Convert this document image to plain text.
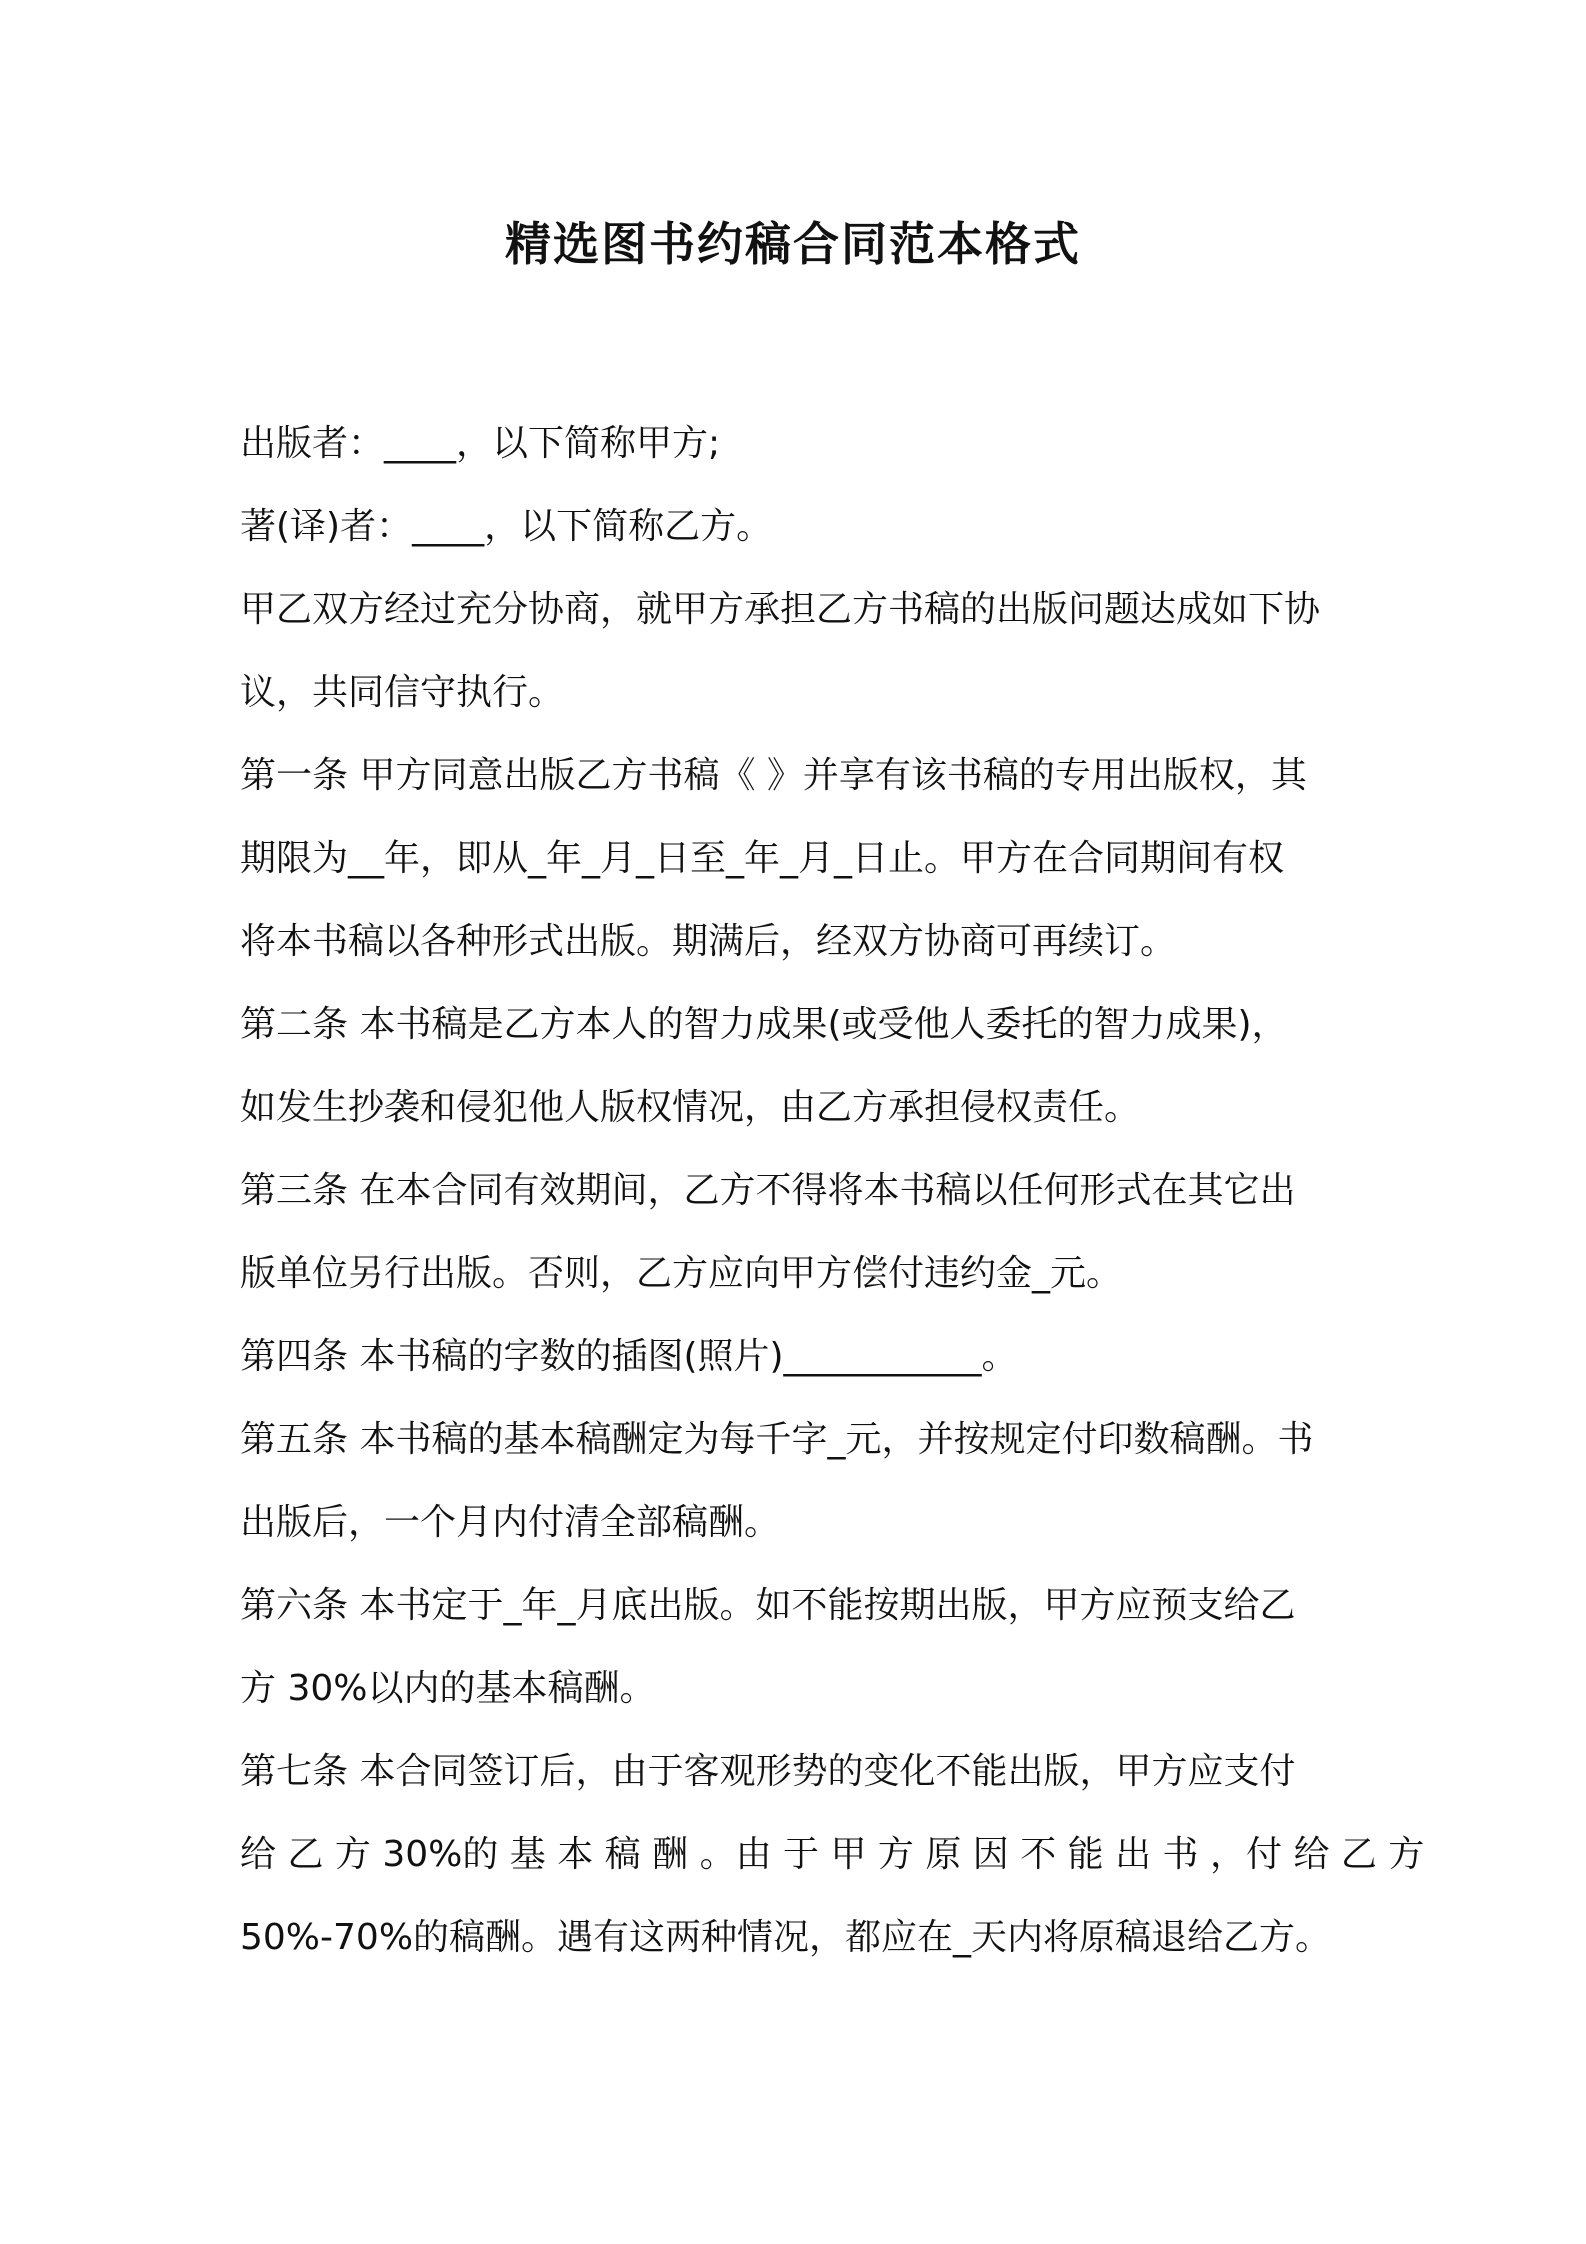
精选图书约稿合同范本格式

出版者：____，以下简称甲方;

著(译)者：____，以下简称乙方。

甲乙双方经过充分协商，就甲方承担乙方书稿的出版问题达成如下协

议，共同信守执行。

第一条 甲方同意出版乙方书稿《 》并享有该书稿的专用出版权，其

期限为__年，即从_年_月_日至_年_月_日止。甲方在合同期间有权

将本书稿以各种形式出版。期满后，经双方协商可再续订。

第二条 本书稿是乙方本人的智力成果(或受他人委托的智力成果)，

如发生抄袭和侵犯他人版权情况，由乙方承担侵权责任。

第三条 在本合同有效期间，乙方不得将本书稿以任何形式在其它出

版单位另行出版。否则，乙方应向甲方偿付违约金_元。

第四条 本书稿的字数的插图(照片)___________。

第五条 本书稿的基本稿酬定为每千字_元，并按规定付印数稿酬。书

出版后，一个月内付清全部稿酬。

第六条 本书定于_年_月底出版。如不能按期出版，甲方应预支给乙

方 30%以内的基本稿酬。

第七条 本合同签订后，由于客观形势的变化不能出版，甲方应支付

给 乙 方 30%的 基 本 稿 酬 。由 于 甲 方 原 因 不 能 出 书 ，付 给 乙 方

50%-70%的稿酬。遇有这两种情况，都应在_天内将原稿退给乙方。
